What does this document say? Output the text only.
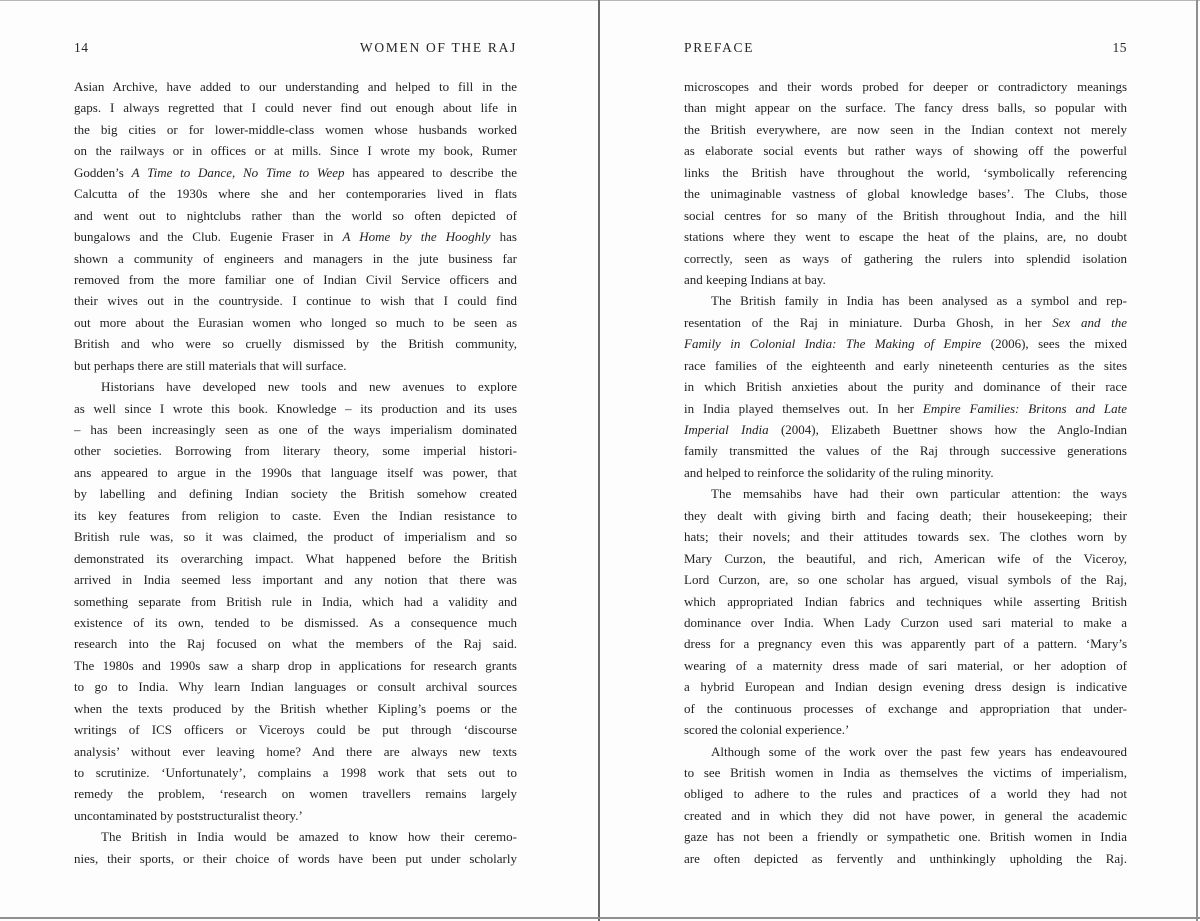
14	WOMEN OF THE RAJ
Asian Archive, have added to our understanding and helped to fill in the
gaps. I always regretted that I could never find out enough about life in
the big cities or for lower-middle-class women whose husbands worked
on the railways or in offices or at mills. Since I wrote my book, Rumer
Godden’s A Time to Dance, No Time to Weep has appeared to describe the
Calcutta of the 1930s where she and her contemporaries lived in flats
and went out to nightclubs rather than the world so often depicted of
bungalows and the Club. Eugenie Fraser in A Home by the Hooghly has
shown a community of engineers and managers in the jute business far
removed from the more familiar one of Indian Civil Service officers and
their wives out in the countryside. I continue to wish that I could find
out more about the Eurasian women who longed so much to be seen as
British and who were so cruelly dismissed by the British community,
but perhaps there are still materials that will surface.
Historians have developed new tools and new avenues to explore
as well since I wrote this book. Knowledge – its production and its uses
– has been increasingly seen as one of the ways imperialism dominated
other societies. Borrowing from literary theory, some imperial histori-
ans appeared to argue in the 1990s that language itself was power, that
by labelling and defining Indian society the British somehow created
its key features from religion to caste. Even the Indian resistance to
British rule was, so it was claimed, the product of imperialism and so
demonstrated its overarching impact. What happened before the British
arrived in India seemed less important and any notion that there was
something separate from British rule in India, which had a validity and
existence of its own, tended to be dismissed. As a consequence much
research into the Raj focused on what the members of the Raj said.
The 1980s and 1990s saw a sharp drop in applications for research grants
to go to India. Why learn Indian languages or consult archival sources
when the texts produced by the British whether Kipling’s poems or the
writings of ICS officers or Viceroys could be put through ‘discourse
analysis’ without ever leaving home? And there are always new texts
to scrutinize. ‘Unfortunately’, complains a 1998 work that sets out to
remedy the problem, ‘research on women travellers remains largely
uncontaminated by poststructuralist theory.’
The British in India would be amazed to know how their ceremo-
nies, their sports, or their choice of words have been put under scholarly
PREFACE	15
microscopes and their words probed for deeper or contradictory meanings
than might appear on the surface. The fancy dress balls, so popular with
the British everywhere, are now seen in the Indian context not merely
as elaborate social events but rather ways of showing off the powerful
links the British have throughout the world, ‘symbolically referencing
the unimaginable vastness of global knowledge bases’. The Clubs, those
social centres for so many of the British throughout India, and the hill
stations where they went to escape the heat of the plains, are, no doubt
correctly, seen as ways of gathering the rulers into splendid isolation
and keeping Indians at bay.
The British family in India has been analysed as a symbol and rep-
resentation of the Raj in miniature. Durba Ghosh, in her Sex and the
Family in Colonial India: The Making of Empire (2006), sees the mixed
race families of the eighteenth and early nineteenth centuries as the sites
in which British anxieties about the purity and dominance of their race
in India played themselves out. In her Empire Families: Britons and Late
Imperial India (2004), Elizabeth Buettner shows how the Anglo-Indian
family transmitted the values of the Raj through successive generations
and helped to reinforce the solidarity of the ruling minority.
The memsahibs have had their own particular attention: the ways
they dealt with giving birth and facing death; their housekeeping; their
hats; their novels; and their attitudes towards sex. The clothes worn by
Mary Curzon, the beautiful, and rich, American wife of the Viceroy,
Lord Curzon, are, so one scholar has argued, visual symbols of the Raj,
which appropriated Indian fabrics and techniques while asserting British
dominance over India. When Lady Curzon used sari material to make a
dress for a pregnancy even this was apparently part of a pattern. ‘Mary’s
wearing of a maternity dress made of sari material, or her adoption of
a hybrid European and Indian design evening dress design is indicative
of the continuous processes of exchange and appropriation that under-
scored the colonial experience.’
Although some of the work over the past few years has endeavoured
to see British women in India as themselves the victims of imperialism,
obliged to adhere to the rules and practices of a world they had not
created and in which they did not have power, in general the academic
gaze has not been a friendly or sympathetic one. British women in India
are often depicted as fervently and unthinkingly upholding the Raj.
